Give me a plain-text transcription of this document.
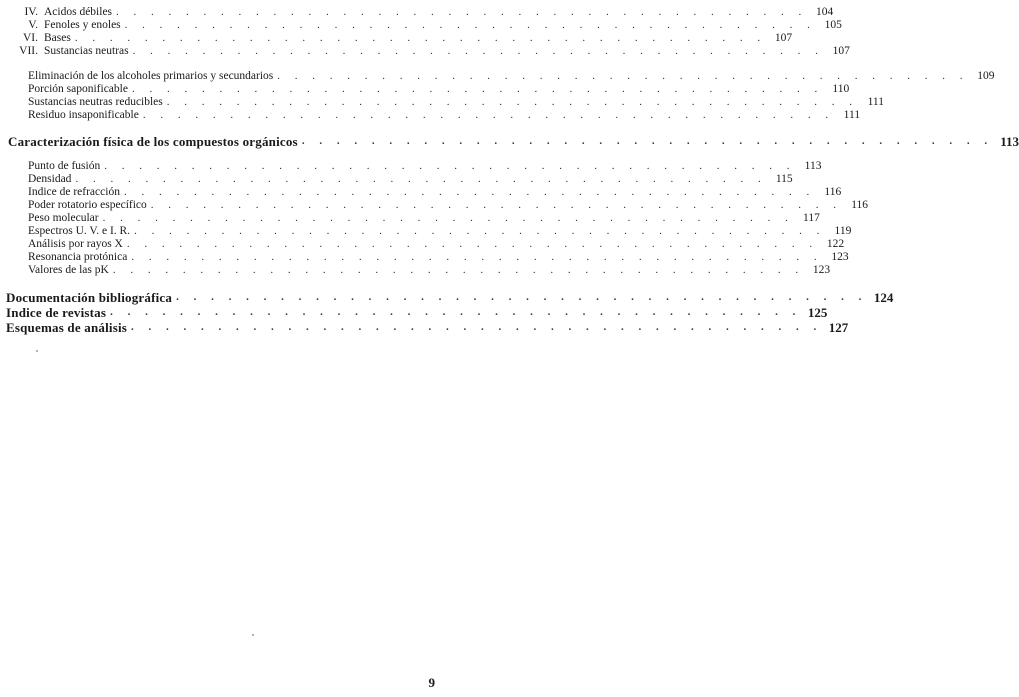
IV. Acidos débiles . . . . . . . . . . . . . . . . . . . . . . . . . . . . . . . . . . . . . . . . 104
V. Fenoles y enoles . . . . . . . . . . . . . . . . . . . . . . . . . . . . . . . . . . . . . . . . 105
VI. Bases . . . . . . . . . . . . . . . . . . . . . . . . . . . . . . . . . . . . . . . . 107
VII. Sustancias neutras . . . . . . . . . . . . . . . . . . . . . . . . . . . . . . . . . . . . . . . . 107
Eliminación de los alcoholes primarios y secundarios . . . . . . . . . . . . . . . . . . . . . . . . . . . . . . . . . . . . . . . . 109
Porción saponificable . . . . . . . . . . . . . . . . . . . . . . . . . . . . . . . . . . . . . . . . 110
Sustancias neutras reducibles . . . . . . . . . . . . . . . . . . . . . . . . . . . . . . . . . . . . . . . . 111
Residuo insaponificable . . . . . . . . . . . . . . . . . . . . . . . . . . . . . . . . . . . . . . . . 111
Caracterización física de los compuestos orgánicos . . . . . . . . . . . . . . . . . . . . . . . . . . . . . . . . . . . . . . . . 113
Punto de fusión . . . . . . . . . . . . . . . . . . . . . . . . . . . . . . . . . . . . . . . . 113
Densidad . . . . . . . . . . . . . . . . . . . . . . . . . . . . . . . . . . . . . . . . 115
Indice de refracción . . . . . . . . . . . . . . . . . . . . . . . . . . . . . . . . . . . . . . . . 116
Poder rotatorio específico . . . . . . . . . . . . . . . . . . . . . . . . . . . . . . . . . . . . . . . . 116
Peso molecular . . . . . . . . . . . . . . . . . . . . . . . . . . . . . . . . . . . . . . . . 117
Espectros U. V. e I. R. . . . . . . . . . . . . . . . . . . . . . . . . . . . . . . . . . . . . . . . . 119
Análisis por rayos X . . . . . . . . . . . . . . . . . . . . . . . . . . . . . . . . . . . . . . . . 122
Resonancia protónica . . . . . . . . . . . . . . . . . . . . . . . . . . . . . . . . . . . . . . . . 123
Valores de las pK . . . . . . . . . . . . . . . . . . . . . . . . . . . . . . . . . . . . . . . . 123
Documentación bibliográfica . . . . . . . . . . . . . . . . . . . . . . . . . . . . . . . . . . . . . . . . 124
Indice de revistas . . . . . . . . . . . . . . . . . . . . . . . . . . . . . . . . . . . . . . . . 125
Esquemas de análisis . . . . . . . . . . . . . . . . . . . . . . . . . . . . . . . . . . . . . . . . 127
9
